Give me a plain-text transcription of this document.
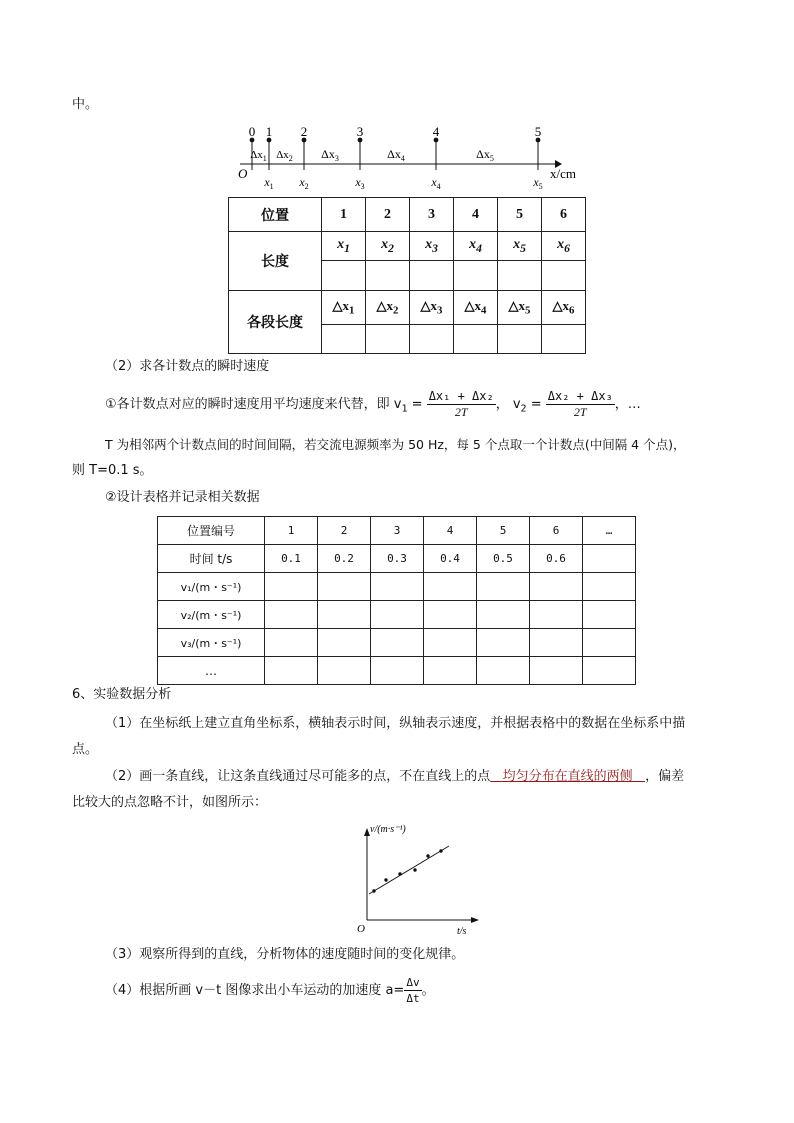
中。
0 1 2	3	4	5
$\Delta x_1$
$x_1$
$\Delta x_2$
$x_2$
$\Delta x_3$
$x_3$
$\Delta x_4$
$x_4$
$\Delta x_5$
$x_5$
O	x/cm
位置	1	2	3	4	5	6
长度	$x_1$	$x_2$	$x_3$	$x_4$	$x_5$	$x_6$

各段长度	$\triangle x_1$	$\triangle x_2$	$\triangle x_3$	$\triangle x_4$	$\triangle x_5$	$\triangle x_6$

（2）求各计数点的瞬时速度
①各计数点对应的瞬时速度用平均速度来代替，即 $v_1 = \frac{\text{Δx₁ + Δx₂}}{2T}$ ， $v_2 = \frac{\text{Δx₂ + Δx₃}}{2T}$ ，…
T 为相邻两个计数点间的时间间隔，若交流电源频率为 50 Hz，每 5 个点取一个计数点(中间隔 4 个点)，
则 T=0.1 s。
②设计表格并记录相关数据
位置编号	1	2	3	4	5	6	…
时间 t/s	0.1	0.2	0.3	0.4	0.5	0.6	
v₁/(m・s⁻¹)							
v₂/(m・s⁻¹)							
v₃/(m・s⁻¹)							
…							
6、实验数据分析
（1）在坐标纸上建立直角坐标系，横轴表示时间，纵轴表示速度，并根据表格中的数据在坐标系中描
点。
（2）画一条直线，让这条直线通过尽可能多的点，不在直线上的点   均匀分布在直线的两侧   ，偏差
比较大的点忽略不计，如图所示：
v/(m·s⁻¹)
t/s
O
（3）观察所得到的直线，分析物体的速度随时间的变化规律。
（4）根据所画 v－t 图像求出小车运动的加速度 $a= \frac{\Delta v}{\Delta t}$ 。
